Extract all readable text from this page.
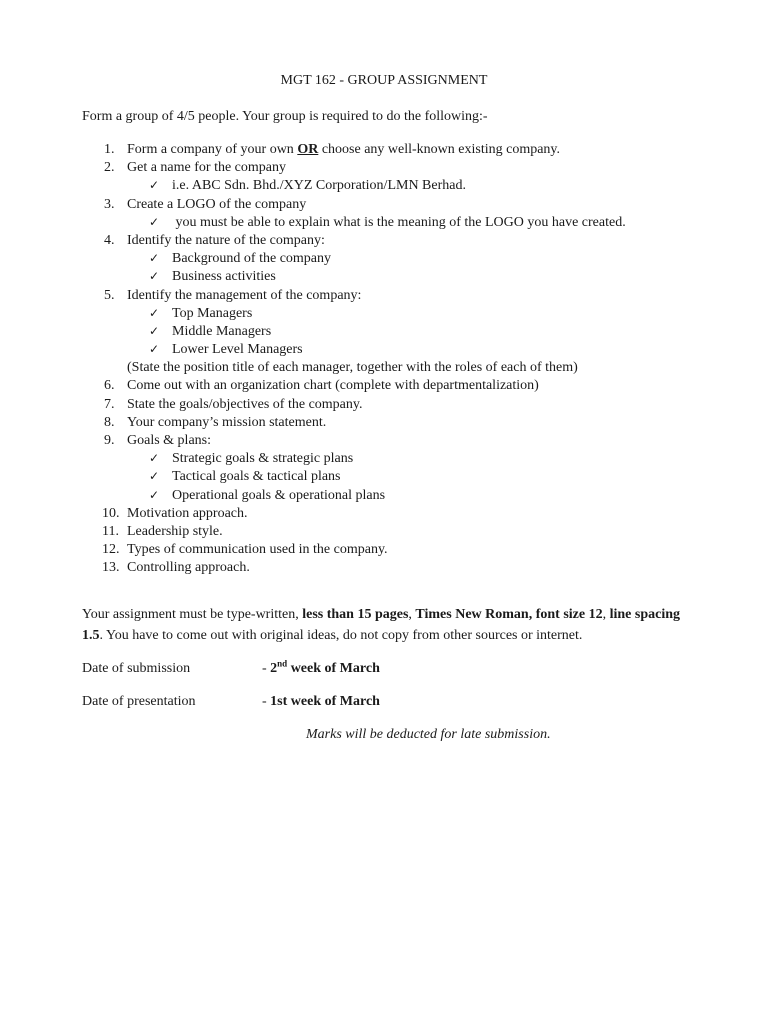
MGT 162 - GROUP ASSIGNMENT
Form a group of 4/5 people. Your group is required to do the following:-
1. Form a company of your own OR choose any well-known existing company.
2. Get a name for the company
✓ i.e. ABC Sdn. Bhd./XYZ Corporation/LMN Berhad.
3. Create a LOGO of the company
✓ you must be able to explain what is the meaning of the LOGO you have created.
4. Identify the nature of the company:
✓ Background of the company
✓ Business activities
5. Identify the management of the company:
✓ Top Managers
✓ Middle Managers
✓ Lower Level Managers
(State the position title of each manager, together with the roles of each of them)
6. Come out with an organization chart (complete with departmentalization)
7. State the goals/objectives of the company.
8. Your company’s mission statement.
9. Goals & plans:
✓ Strategic goals & strategic plans
✓ Tactical goals & tactical plans
✓ Operational goals & operational plans
10. Motivation approach.
11. Leadership style.
12. Types of communication used in the company.
13. Controlling approach.
Your assignment must be type-written, less than 15 pages, Times New Roman, font size 12, line spacing 1.5. You have to come out with original ideas, do not copy from other sources or internet.
Date of submission	- 2nd week of March
Date of presentation	- 1st week of March
Marks will be deducted for late submission.
